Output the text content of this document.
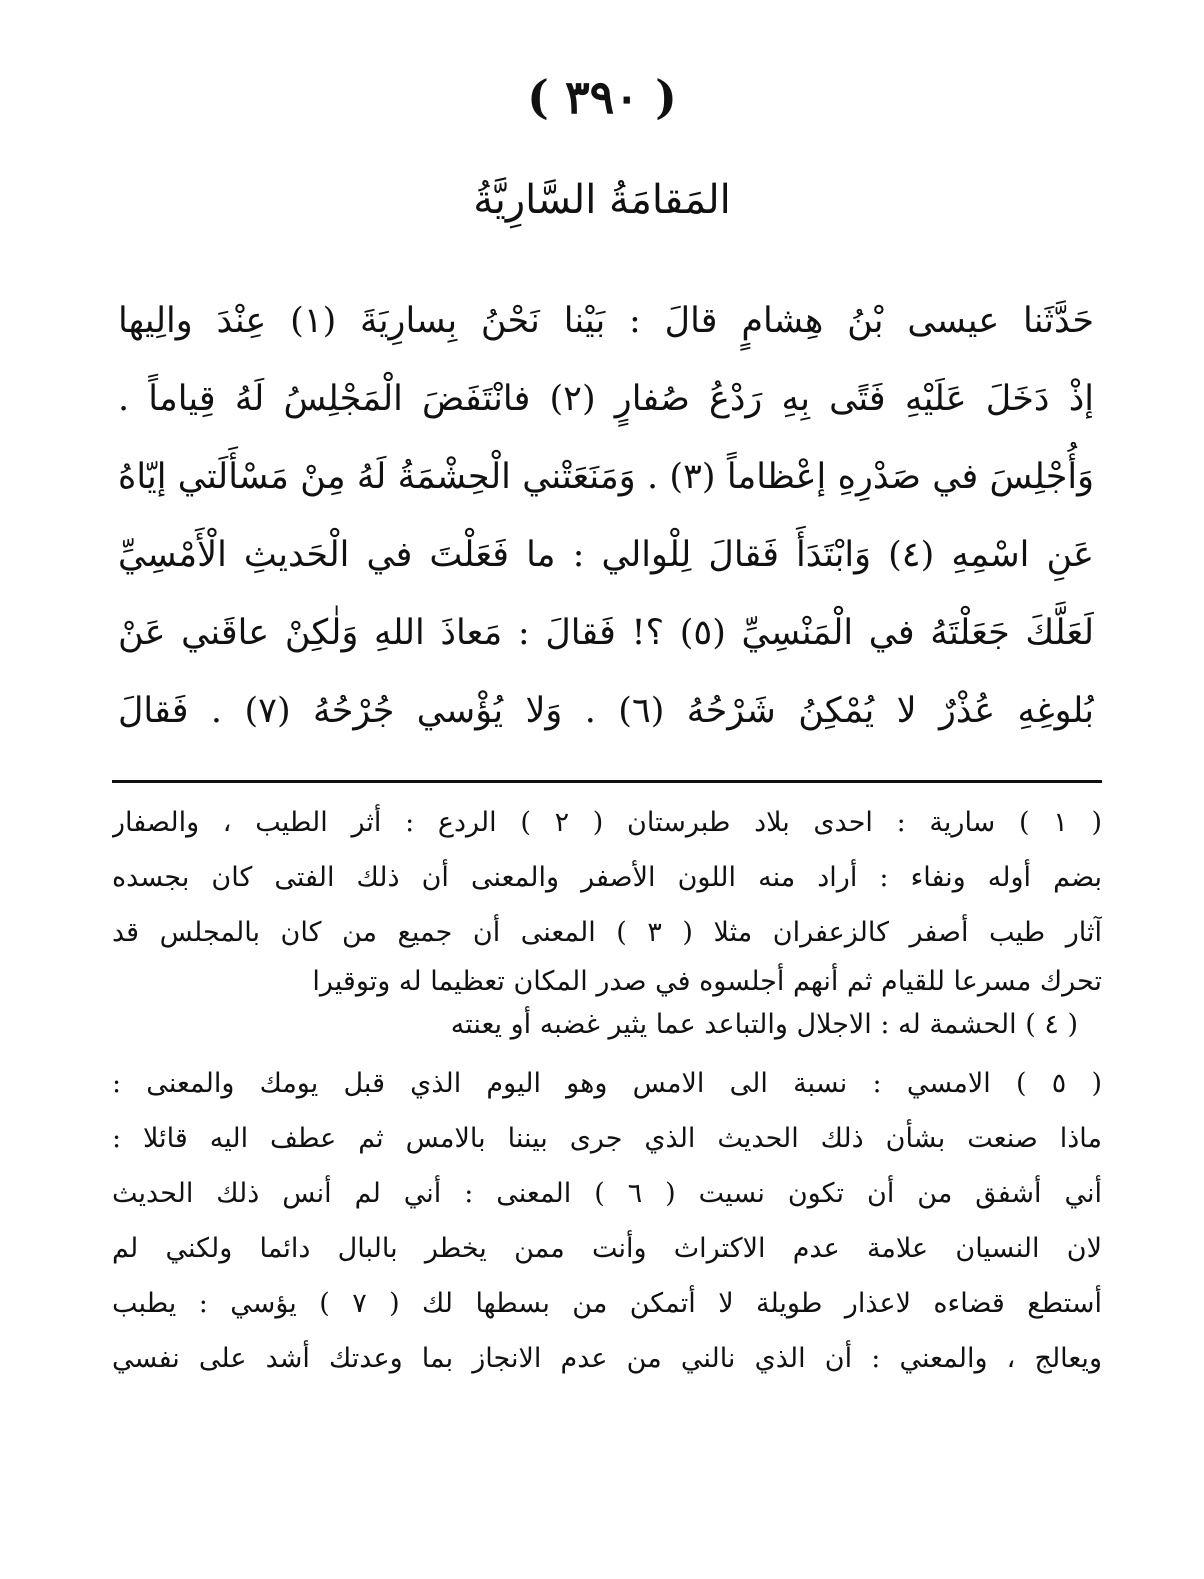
( ٣٩٠ )
المَقامَةُ السَّارِيَّةُ
حَدَّثَنا عيسى بْنُ هِشامٍ قالَ : بَيْنا نَحْنُ بِسارِيَةَ (١) عِنْدَ والِيها
إذْ دَخَلَ عَلَيْهِ فَتًى بِهِ رَدْعُ صُفارٍ (٢) فانْتَفَضَ الْمَجْلِسُ لَهُ قِياماً .
وَأُجْلِسَ في صَدْرِهِ إعْظاماً (٣) . وَمَنَعَتْني الْحِشْمَةُ لَهُ مِنْ مَسْأَلَتي إيّاهُ
عَنِ اسْمِهِ (٤) وَابْتَدَأَ فَقالَ لِلْوالي : ما فَعَلْتَ في الْحَديثِ الْأَمْسِيِّ
لَعَلَّكَ جَعَلْتَهُ في الْمَنْسِيِّ (٥) ؟! فَقالَ : مَعاذَ اللهِ وَلٰكِنْ عاقَني عَنْ
بُلوغِهِ عُذْرٌ لا يُمْكِنُ شَرْحُهُ (٦) . وَلا يُؤْسي جُرْحُهُ (٧) . فَقالَ
( ١ ) سارية : احدى بلاد طبرستان ( ٢ ) الردع : أثر الطيب ، والصفار
بضم أوله ونفاء : أراد منه اللون الأصفر والمعنى أن ذلك الفتى كان بجسده
آثار طيب أصفر كالزعفران مثلا ( ٣ ) المعنى أن جميع من كان بالمجلس قد
تحرك مسرعا للقيام ثم أنهم أجلسوه في صدر المكان تعظيما له وتوقيرا
( ٤ ) الحشمة له : الاجلال والتباعد عما يثير غضبه أو يعنته
( ٥ ) الامسي : نسبة الى الامس وهو اليوم الذي قبل يومك والمعنى :
ماذا صنعت بشأن ذلك الحديث الذي جرى بيننا بالامس ثم عطف اليه قائلا :
أني أشفق من أن تكون نسيت ( ٦ ) المعنى : أني لم أنس ذلك الحديث
لان النسيان علامة عدم الاكتراث وأنت ممن يخطر بالبال دائما ولكني لم
أستطع قضاءه لاعذار طويلة لا أتمكن من بسطها لك ( ٧ ) يؤسي : يطبب
ويعالج ، والمعني : أن الذي نالني من عدم الانجاز بما وعدتك أشد على نفسي
